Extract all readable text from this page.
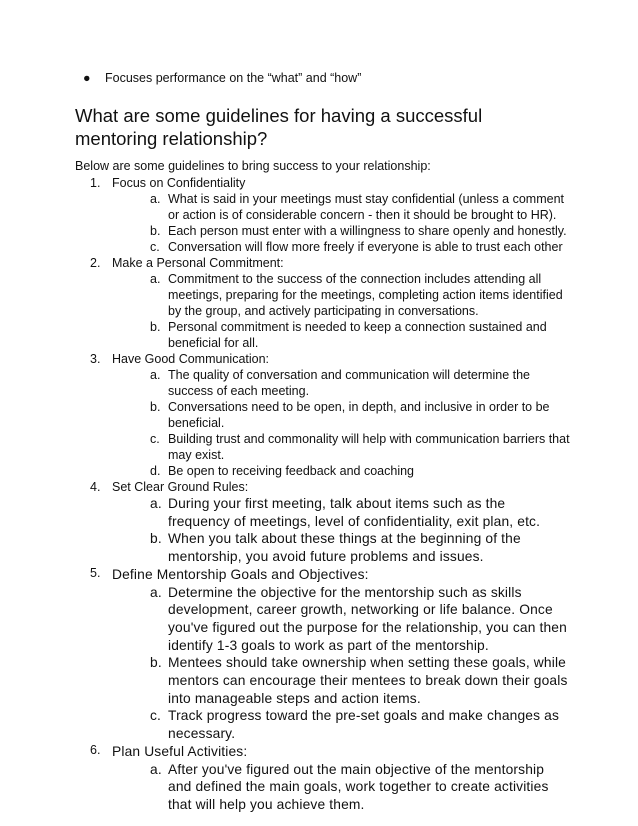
●	Focuses performance on the “what” and “how”
What are some guidelines for having a successful mentoring relationship?
Below are some guidelines to bring success to your relationship:
1. Focus on Confidentiality
a. What is said in your meetings must stay confidential (unless a comment or action is of considerable concern - then it should be brought to HR).
b. Each person must enter with a willingness to share openly and honestly.
c. Conversation will flow more freely if everyone is able to trust each other
2. Make a Personal Commitment:
a. Commitment to the success of the connection includes attending all meetings, preparing for the meetings, completing action items identified by the group, and actively participating in conversations.
b. Personal commitment is needed to keep a connection sustained and beneficial for all.
3. Have Good Communication:
a. The quality of conversation and communication will determine the success of each meeting.
b. Conversations need to be open, in depth, and inclusive in order to be beneficial.
c. Building trust and commonality will help with communication barriers that may exist.
d. Be open to receiving feedback and coaching
4. Set Clear Ground Rules:
a. During your first meeting, talk about items such as the frequency of meetings, level of confidentiality, exit plan, etc.
b. When you talk about these things at the beginning of the mentorship, you avoid future problems and issues.
5. Define Mentorship Goals and Objectives:
a. Determine the objective for the mentorship such as skills development, career growth, networking or life balance. Once you've figured out the purpose for the relationship, you can then identify 1-3 goals to work as part of the mentorship.
b. Mentees should take ownership when setting these goals, while mentors can encourage their mentees to break down their goals into manageable steps and action items.
c. Track progress toward the pre-set goals and make changes as necessary.
6. Plan Useful Activities:
a. After you've figured out the main objective of the mentorship and defined the main goals, work together to create activities that will help you achieve them.
